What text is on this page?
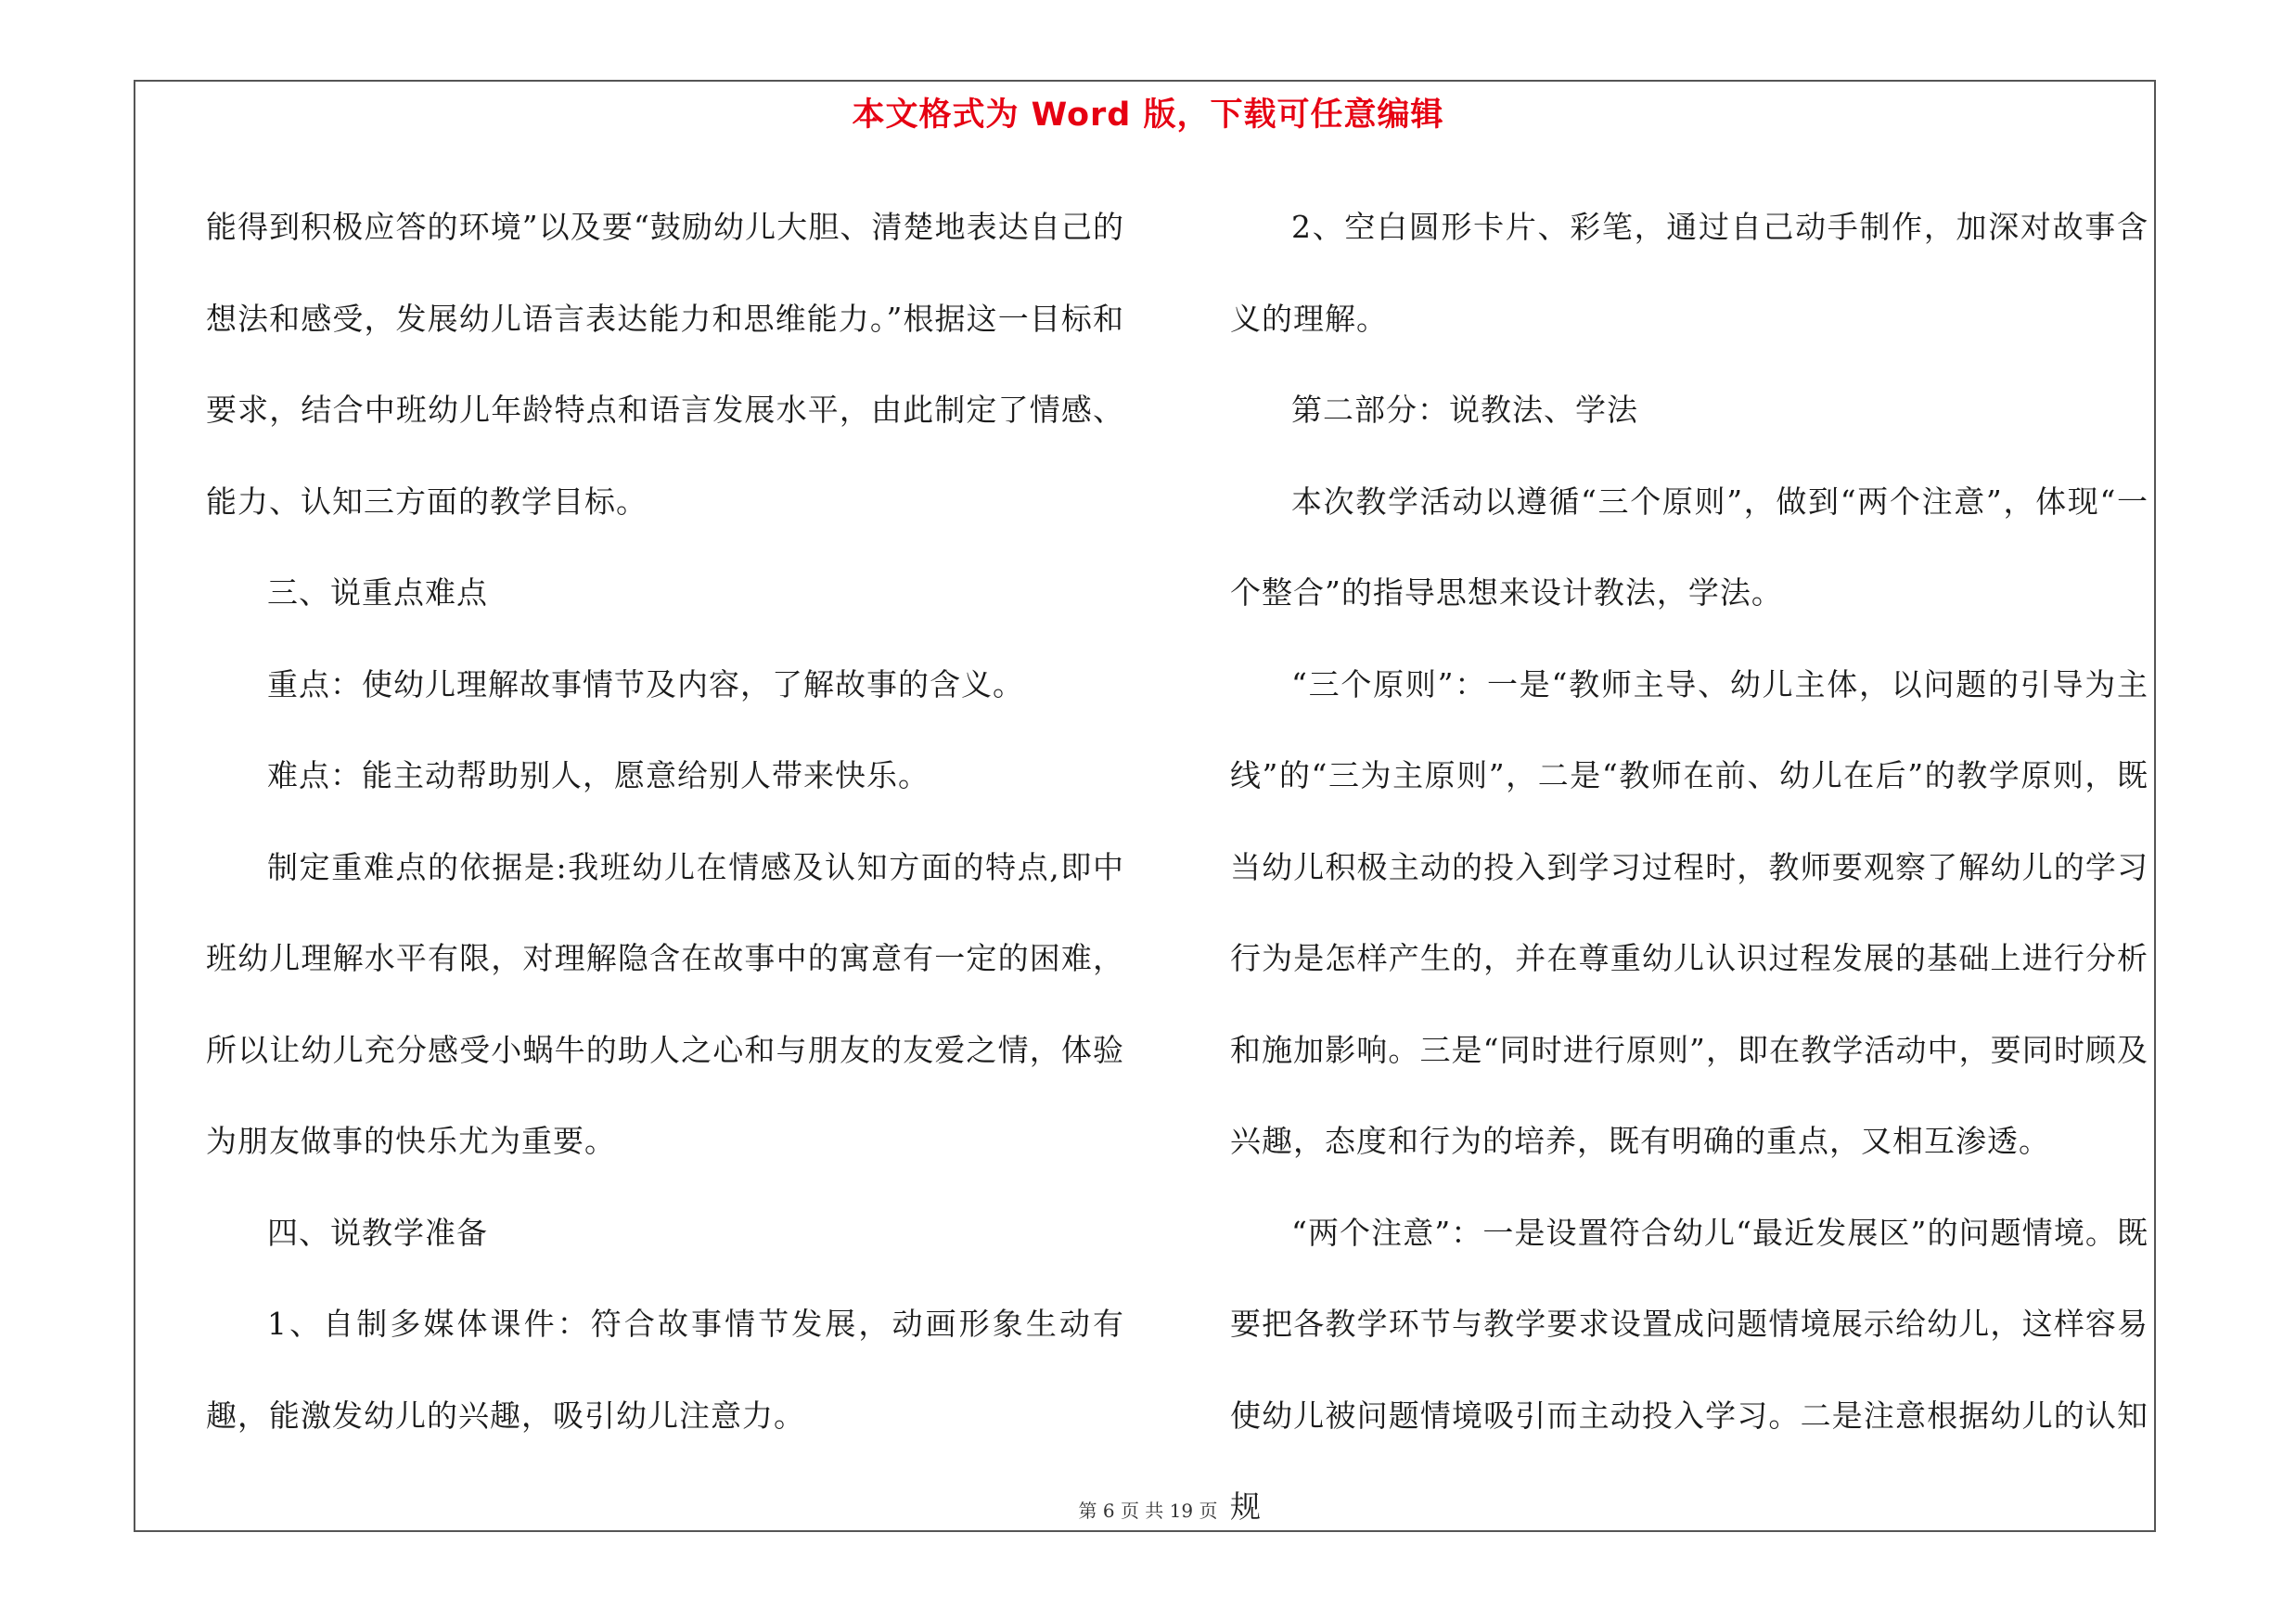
本文格式为 Word 版，下载可任意编辑

能得到积极应答的环境”以及要“鼓励幼儿大胆、清楚地表达自己的想法和感受，发展幼儿语言表达能力和思维能力。”根据这一目标和要求，结合中班幼儿年龄特点和语言发展水平，由此制定了情感、能力、认知三方面的教学目标。

三、说重点难点

重点：使幼儿理解故事情节及内容，了解故事的含义。

难点：能主动帮助别人，愿意给别人带来快乐。

制定重难点的依据是:我班幼儿在情感及认知方面的特点,即中班幼儿理解水平有限，对理解隐含在故事中的寓意有一定的困难，所以让幼儿充分感受小蜗牛的助人之心和与朋友的友爱之情，体验为朋友做事的快乐尤为重要。

四、说教学准备

1、自制多媒体课件：符合故事情节发展，动画形象生动有趣，能激发幼儿的兴趣，吸引幼儿注意力。

2、空白圆形卡片、彩笔，通过自己动手制作，加深对故事含义的理解。

第二部分：说教法、学法

本次教学活动以遵循“三个原则”，做到“两个注意”，体现“一个整合”的指导思想来设计教法，学法。

“三个原则”：一是“教师主导、幼儿主体，以问题的引导为主线”的“三为主原则”，二是“教师在前、幼儿在后”的教学原则，既当幼儿积极主动的投入到学习过程时，教师要观察了解幼儿的学习行为是怎样产生的，并在尊重幼儿认识过程发展的基础上进行分析和施加影响。三是“同时进行原则”，即在教学活动中，要同时顾及兴趣，态度和行为的培养，既有明确的重点，又相互渗透。

“两个注意”：一是设置符合幼儿“最近发展区”的问题情境。既要把各教学环节与教学要求设置成问题情境展示给幼儿，这样容易使幼儿被问题情境吸引而主动投入学习。二是注意根据幼儿的认知规

第 6 页 共 19 页
